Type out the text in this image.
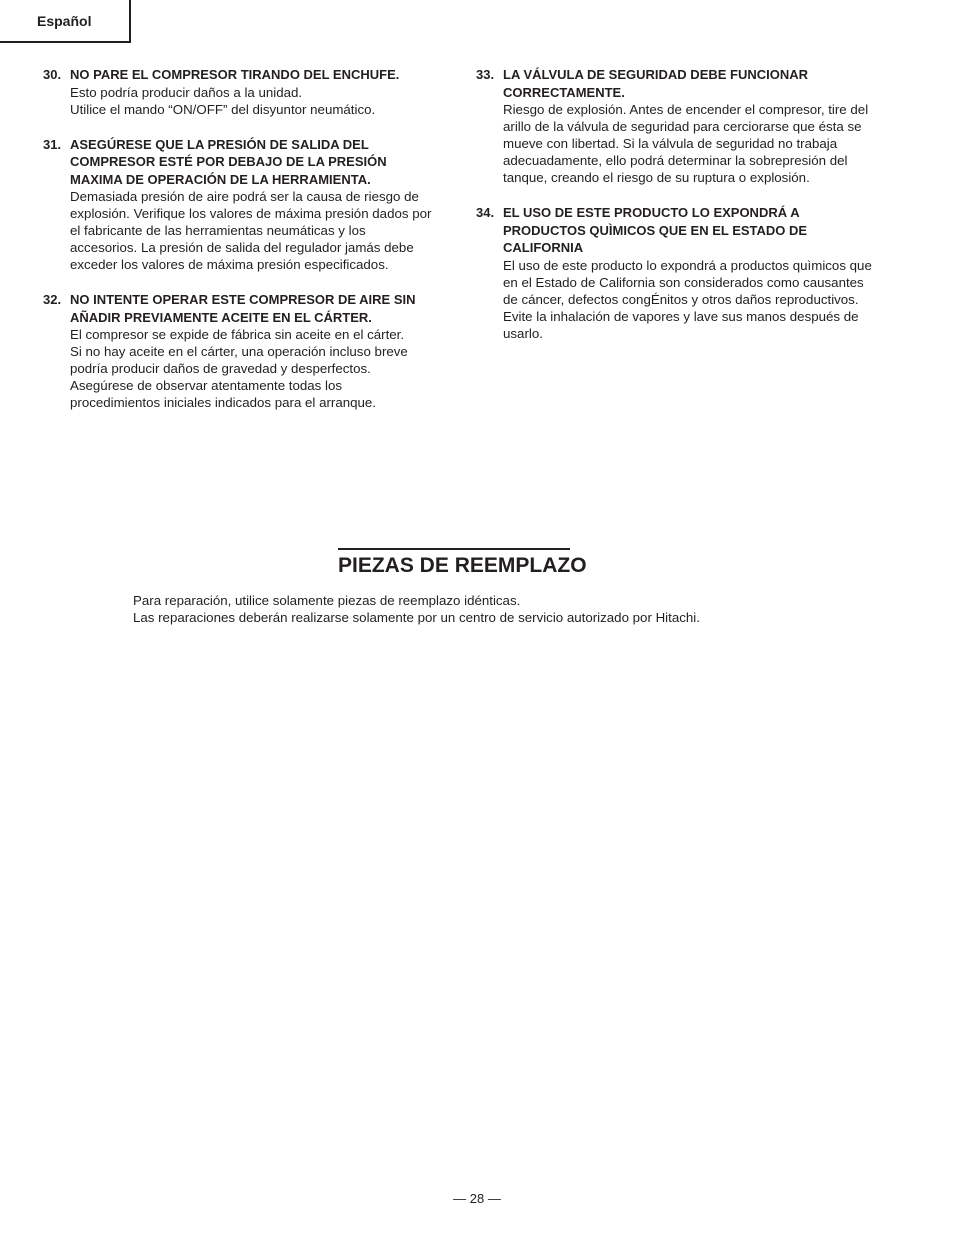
Español
30. NO PARE EL COMPRESOR TIRANDO DEL ENCHUFE.

Esto podría producir daños a la unidad.

Utilice el mando “ON/OFF” del disyuntor neumático.

31. ASEGÚRESE QUE LA PRESIÓN DE SALIDA DEL COMPRESOR ESTÉ POR DEBAJO DE LA PRESIÓN MAXIMA DE OPERACIÓN DE LA HERRAMIENTA.

Demasiada presión de aire podrá ser la causa de riesgo de explosión. Verifique los valores de máxima presión dados por el fabricante de las herramientas neumáticas y los accesorios. La presión de salida del regulador jamás debe exceder los valores de máxima presión especificados.

32. NO INTENTE OPERAR ESTE COMPRESOR DE AIRE SIN AÑADIR PREVIAMENTE ACEITE EN EL CÁRTER.

El compresor se expide de fábrica sin aceite en el cárter.

Si no hay aceite en el cárter, una operación incluso breve podría producir daños de gravedad y desperfectos. Asegúrese de observar atentamente todas los procedimientos iniciales indicados para el arranque.

33. LA VÁLVULA DE SEGURIDAD DEBE FUNCIONAR CORRECTAMENTE.

Riesgo de explosión. Antes de encender el compresor, tire del arillo de la válvula de seguridad para cerciorarse que ésta se mueve con libertad. Si la válvula de seguridad no trabaja adecuadamente, ello podrá determinar la sobrepresión del tanque, creando el riesgo de su ruptura o explosión.

34. EL USO DE ESTE PRODUCTO LO EXPONDRÁ A PRODUCTOS QUÌMICOS QUE EN EL ESTADO DE CALIFORNIA

El uso de este producto lo expondrá a productos quìmicos que en el Estado de California son considerados como causantes de cáncer, defectos congÉnitos y otros daños reproductivos. Evite la inhalación de vapores y lave sus manos después de usarlo.

PIEZAS DE REEMPLAZO

Para reparación, utilice solamente piezas de reemplazo idénticas.

Las reparaciones deberán realizarse solamente por un centro de servicio autorizado por Hitachi.

— 28 —
